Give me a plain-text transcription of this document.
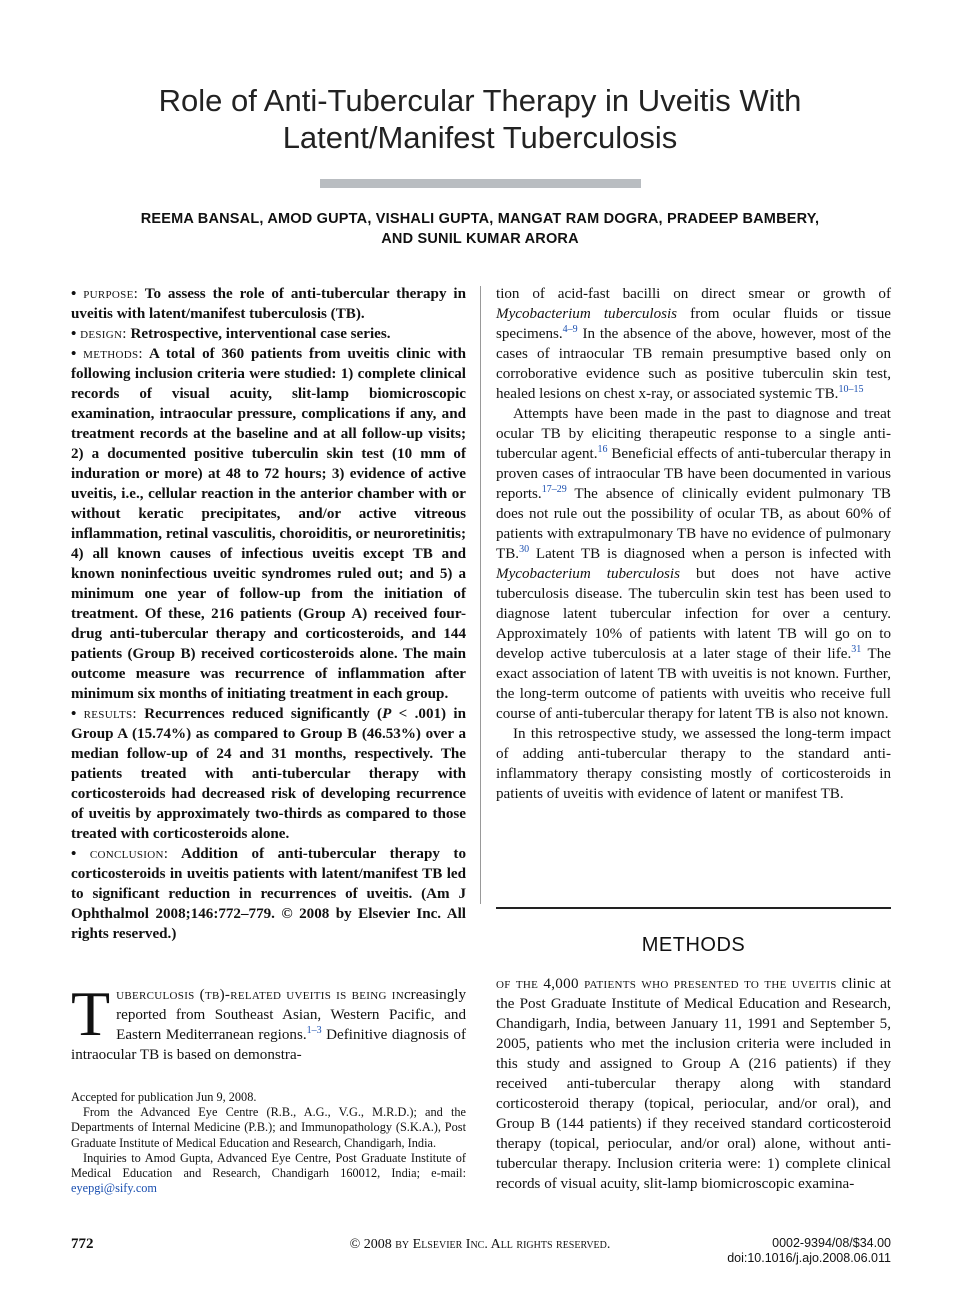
Role of Anti-Tubercular Therapy in Uveitis With
Latent/Manifest Tuberculosis
REEMA BANSAL, AMOD GUPTA, VISHALI GUPTA, MANGAT RAM DOGRA, PRADEEP BAMBERY,
AND SUNIL KUMAR ARORA

• purpose: To assess the role of anti-tubercular therapy in uveitis with latent/manifest tuberculosis (TB).

• design: Retrospective, interventional case series.

• methods: A total of 360 patients from uveitis clinic with following inclusion criteria were studied: 1) complete clinical records of visual acuity, slit-lamp biomicroscopic examination, intraocular pressure, complications if any, and treatment records at the baseline and at all follow-up visits; 2) a documented positive tuberculin skin test (10 mm of induration or more) at 48 to 72 hours; 3) evidence of active uveitis, i.e., cellular reaction in the anterior chamber with or without keratic precipitates, and/or active vitreous inflammation, retinal vasculitis, choroiditis, or neuroretinitis; 4) all known causes of infectious uveitis except TB and known noninfectious uveitic syndromes ruled out; and 5) a minimum one year of follow-up from the initiation of treatment. Of these, 216 patients (Group A) received four-drug anti-tubercular therapy and corticosteroids, and 144 patients (Group B) received corticosteroids alone. The main outcome measure was recurrence of inflammation after minimum six months of initiating treatment in each group.

• results: Recurrences reduced significantly (P < .001) in Group A (15.74%) as compared to Group B (46.53%) over a median follow-up of 24 and 31 months, respectively. The patients treated with anti-tubercular therapy with corticosteroids had decreased risk of developing recurrence of uveitis by approximately two-thirds as compared to those treated with corticosteroids alone.

• conclusion: Addition of anti-tubercular therapy to corticosteroids in uveitis patients with latent/manifest TB led to significant reduction in recurrences of uveitis. (Am J Ophthalmol 2008;146:772–779. © 2008 by Elsevier Inc. All rights reserved.)

Tuberculosis (tb)-related uveitis is being increasingly reported from Southeast Asian, Western Pacific, and Eastern Mediterranean regions.$^{1-3}$ Definitive diagnosis of intraocular TB is based on demonstra-

tion of acid-fast bacilli on direct smear or growth of Mycobacterium tuberculosis from ocular fluids or tissue specimens.$^{4-9}$ In the absence of the above, however, most of the cases of intraocular TB remain presumptive based only on corroborative evidence such as positive tuberculin skin test, healed lesions on chest x-ray, or associated systemic TB.$^{10-15}$

Attempts have been made in the past to diagnose and treat ocular TB by eliciting therapeutic response to a single anti-tubercular agent.$^{16}$ Beneficial effects of anti-tubercular therapy in proven cases of intraocular TB have been documented in various reports.$^{17-29}$ The absence of clinically evident pulmonary TB does not rule out the possibility of ocular TB, as about 60% of patients with extrapulmonary TB have no evidence of pulmonary TB.$^{30}$ Latent TB is diagnosed when a person is infected with Mycobacterium tuberculosis but does not have active tuberculosis disease. The tuberculin skin test has been used to diagnose latent tubercular infection for over a century. Approximately 10% of patients with latent TB will go on to develop active tuberculosis at a later stage of their life.$^{31}$ The exact association of latent TB with uveitis is not known. Further, the long-term outcome of patients with uveitis who receive full course of anti-tubercular therapy for latent TB is also not known.

In this retrospective study, we assessed the long-term impact of adding anti-tubercular therapy to the standard anti-inflammatory therapy consisting mostly of corticosteroids in patients of uveitis with evidence of latent or manifest TB.

METHODS

of the 4,000 patients who presented to the uveitis clinic at the Post Graduate Institute of Medical Education and Research, Chandigarh, India, between January 11, 1991 and September 5, 2005, patients who met the inclusion criteria were included in this study and assigned to Group A (216 patients) if they received anti-tubercular therapy along with standard corticosteroid therapy (topical, periocular, and/or oral), and Group B (144 patients) if they received standard corticosteroid therapy (topical, periocular, and/or oral) alone, without anti-tubercular therapy. Inclusion criteria were: 1) complete clinical records of visual acuity, slit-lamp biomicroscopic examina-

Accepted for publication Jun 9, 2008.

From the Advanced Eye Centre (R.B., A.G., V.G., M.R.D.); and the Departments of Internal Medicine (P.B.); and Immunopathology (S.K.A.), Post Graduate Institute of Medical Education and Research, Chandigarh, India.

Inquiries to Amod Gupta, Advanced Eye Centre, Post Graduate Institute of Medical Education and Research, Chandigarh 160012, India; e-mail: eyepgi@sify.com

772	© 2008 by Elsevier Inc. All rights reserved.	0002-9394/08/$34.00
doi:10.1016/j.ajo.2008.06.011
